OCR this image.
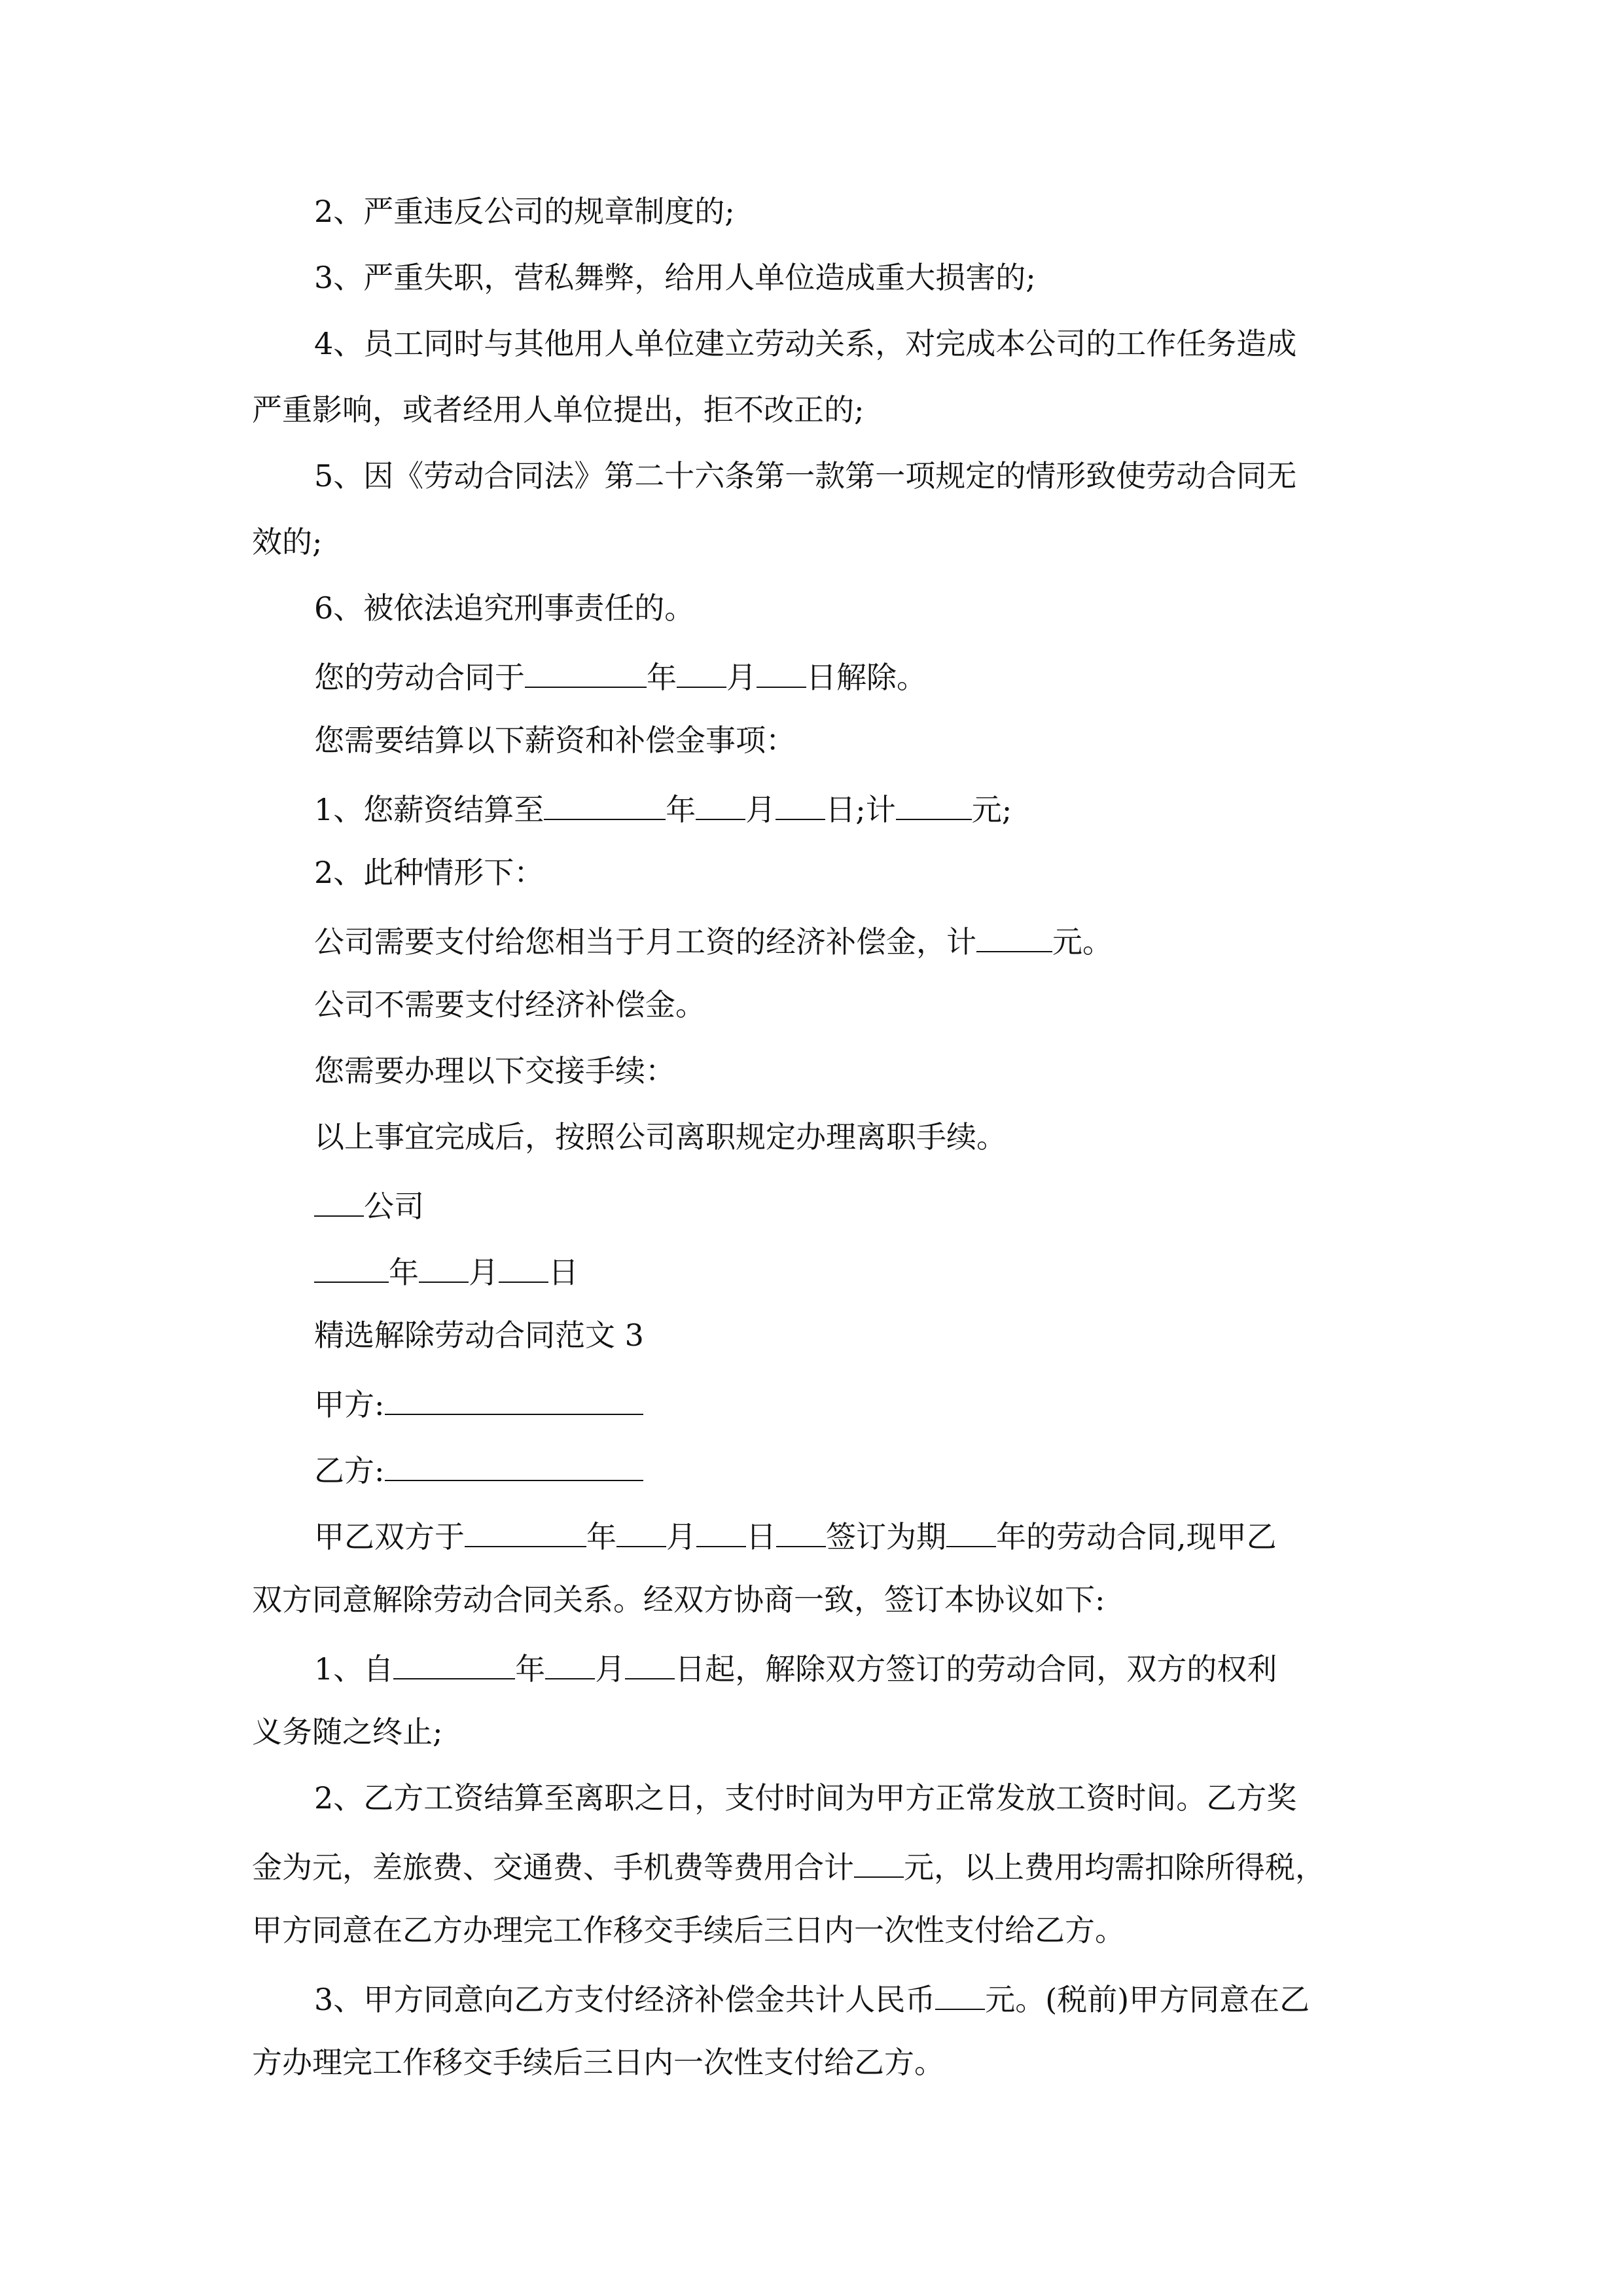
2、严重违反公司的规章制度的;
3、严重失职，营私舞弊，给用人单位造成重大损害的;
4、员工同时与其他用人单位建立劳动关系，对完成本公司的工作任务造成
严重影响，或者经用人单位提出，拒不改正的;
5、因《劳动合同法》第二十六条第一款第一项规定的情形致使劳动合同无
效的;
6、被依法追究刑事责任的。
您的劳动合同于	年 月 日解除。
您需要结算以下薪资和补偿金事项：
1、您薪资结算至	年 月 日;计	元;
2、此种情形下：
公司需要支付给您相当于月工资的经济补偿金，计	元。
公司不需要支付经济补偿金。
您需要办理以下交接手续：
以上事宜完成后，按照公司离职规定办理离职手续。
公司
年 月 日
精选解除劳动合同范文 3
甲方:
乙方:
甲乙双方于	年 月 日 签订为期 年的劳动合同,现甲乙
双方同意解除劳动合同关系。经双方协商一致，签订本协议如下:
1、自	年 月 日起，解除双方签订的劳动合同，双方的权利
义务随之终止;
2、乙方工资结算至离职之日，支付时间为甲方正常发放工资时间。乙方奖
金为元，差旅费、交通费、手机费等费用合计 元，以上费用均需扣除所得税，
甲方同意在乙方办理完工作移交手续后三日内一次性支付给乙方。
3、甲方同意向乙方支付经济补偿金共计人民币 元。(税前)甲方同意在乙
方办理完工作移交手续后三日内一次性支付给乙方。
